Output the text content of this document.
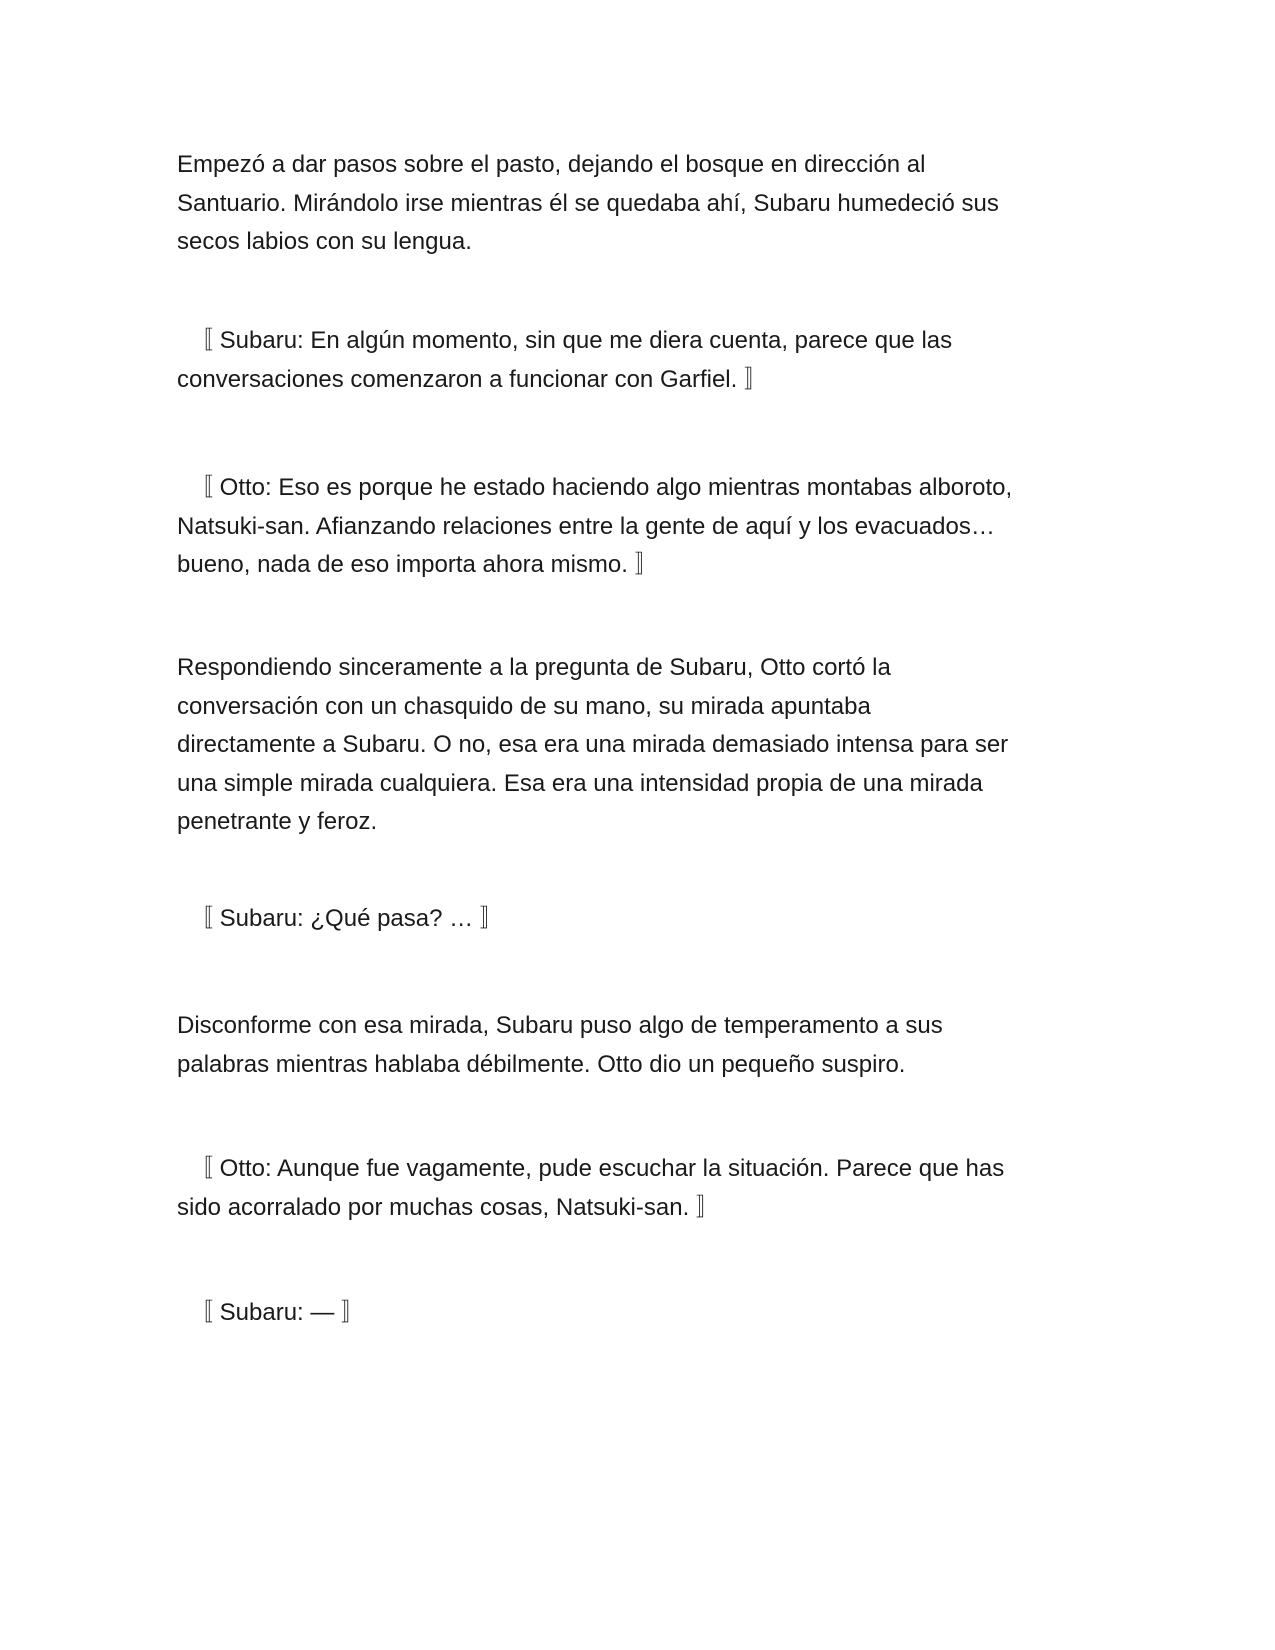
Empezó a dar pasos sobre el pasto, dejando el bosque en dirección al
Santuario. Mirándolo irse mientras él se quedaba ahí, Subaru humedeció sus
secos labios con su lengua.

　〚 Subaru: En algún momento, sin que me diera cuenta, parece que las
conversaciones comenzaron a funcionar con Garfiel. 〛

　〚 Otto: Eso es porque he estado haciendo algo mientras montabas alboroto,
Natsuki-san. Afianzando relaciones entre la gente de aquí y los evacuados…
bueno, nada de eso importa ahora mismo. 〛

Respondiendo sinceramente a la pregunta de Subaru, Otto cortó la
conversación con un chasquido de su mano, su mirada apuntaba
directamente a Subaru. O no, esa era una mirada demasiado intensa para ser
una simple mirada cualquiera. Esa era una intensidad propia de una mirada
penetrante y feroz.

　〚 Subaru: ¿Qué pasa? … 〛

Disconforme con esa mirada, Subaru puso algo de temperamento a sus
palabras mientras hablaba débilmente. Otto dio un pequeño suspiro.

　〚 Otto: Aunque fue vagamente, pude escuchar la situación. Parece que has
sido acorralado por muchas cosas, Natsuki-san. 〛

　〚 Subaru: — 〛
